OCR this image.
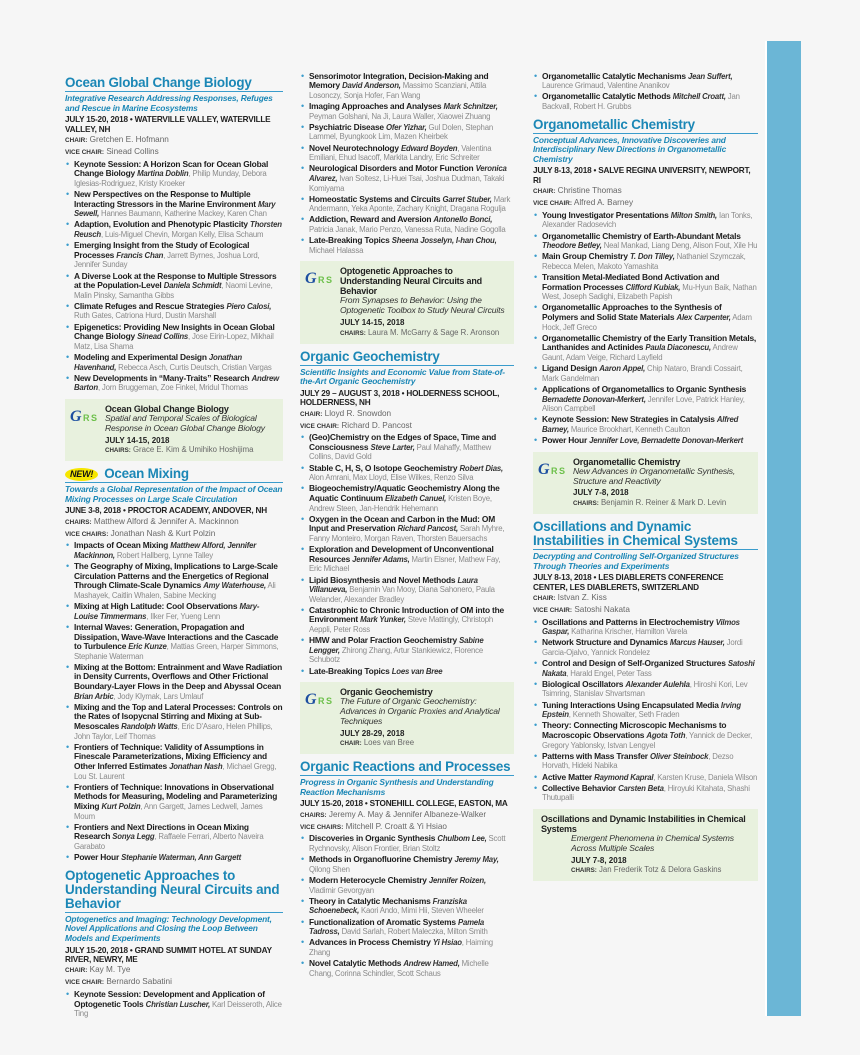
Ocean Global Change Biology
Integrative Research Addressing Responses, Refuges and Rescue in Marine Ecosystems
JULY 15-20, 2018 • WATERVILLE VALLEY, WATERVILLE VALLEY, NH
CHAIR: Gretchen E. Hofmann
VICE CHAIR: Sinead Collins
• Keynote Session: A Horizon Scan for Ocean Global Change Biology Martina Doblin, Philip Munday, Debora Iglesias-Rodriguez, Kristy Kroeker
• New Perspectives on the Response to Multiple Interacting Stressors in the Marine Environment Mary Sewell, Hannes Baumann, Katherine Mackey, Karen Chan
• Adaption, Evolution and Phenotypic Plasticity Thorsten Reusch, Luis-Miguel Chevin, Morgan Kelly, Elisa Schaum
• Emerging Insight from the Study of Ecological Processes Francis Chan, Jarrett Byrnes, Joshua Lord, Jennifer Sunday
• A Diverse Look at the Response to Multiple Stressors at the Population-Level Daniela Schmidt, Naomi Levine, Malin Pinsky, Samantha Gibbs
• Climate Refuges and Rescue Strategies Piero Calosi, Ruth Gates, Catriona Hurd, Dustin Marshall
• Epigenetics: Providing New Insights in Ocean Global Change Biology Sinead Collins, Jose Eirin-Lopez, Mikhail Matz, Lisa Shama
• Modeling and Experimental Design Jonathan Havenhand, Rebecca Asch, Curtis Deutsch, Cristian Vargas
• New Developments in “Many-Traits” Research Andrew Barton, Jorn Bruggeman, Zoe Finkel, Mridul Thomas
G R S
Ocean Global Change Biology
Spatial and Temporal Scales of Biological Response in Ocean Global Change Biology
JULY 14-15, 2018
CHAIRS: Grace E. Kim & Umihiko Hoshijima
NEW! Ocean Mixing
Towards a Global Representation of the Impact of Ocean Mixing Processes on Large Scale Circulation
JUNE 3-8, 2018 • PROCTOR ACADEMY, ANDOVER, NH
CHAIRS: Matthew Alford & Jennifer A. Mackinnon
VICE CHAIRS: Jonathan Nash & Kurt Polzin
• Impacts of Ocean Mixing Matthew Alford, Jennifer Mackinnon, Robert Hallberg, Lynne Talley
• The Geography of Mixing, Implications to Large-Scale Circulation Patterns and the Energetics of Regional Through Climate-Scale Dynamics Amy Waterhouse, Ali Mashayek, Caitlin Whalen, Sabine Mecking
• Mixing at High Latitude: Cool Observations Mary-Louise Timmermans, Ilker Fer, Yueng Lenn
• Internal Waves: Generation, Propagation and Dissipation, Wave-Wave Interactions and the Cascade to Turbulence Eric Kunze, Mattias Green, Harper Simmons, Stephanie Waterman
• Mixing at the Bottom: Entrainment and Wave Radiation in Density Currents, Overflows and Other Frictional Boundary-Layer Flows in the Deep and Abyssal Ocean Brian Arbic, Jody Klymak, Lars Umlauf
• Mixing and the Top and Lateral Processes: Controls on the Rates of Isopycnal Stirring and Mixing at Sub-Mesoscales Randolph Watts, Eric D'Asaro, Helen Phillips, John Taylor, Leif Thomas
• Frontiers of Technique: Validity of Assumptions in Finescale Parameterizations, Mixing Efficiency and Other Inferred Estimates Jonathan Nash, Michael Gregg, Lou St. Laurent
• Frontiers of Technique: Innovations in Observational Methods for Measuring, Modeling and Parameterizing Mixing Kurt Polzin, Ann Gargett, James Ledwell, James Moum
• Frontiers and Next Directions in Ocean Mixing Research Sonya Legg, Raffaele Ferrari, Alberto Naveira Garabato
• Power Hour Stephanie Waterman, Ann Gargett
Optogenetic Approaches to Understanding Neural Circuits and Behavior
Optogenetics and Imaging: Technology Development, Novel Applications and Closing the Loop Between Models and Experiments
JULY 15-20, 2018 • GRAND SUMMIT HOTEL AT SUNDAY RIVER, NEWRY, ME
CHAIR: Kay M. Tye
VICE CHAIR: Bernardo Sabatini
• Keynote Session: Development and Application of Optogenetic Tools Christian Luscher, Karl Deisseroth, Alice Ting
• Sensorimotor Integration, Decision-Making and Memory David Anderson, Massimo Scanziani, Attila Losonczy, Sonja Hofer, Fan Wang
• Imaging Approaches and Analyses Mark Schnitzer, Peyman Golshani, Na Ji, Laura Waller, Xiaowei Zhuang
• Psychiatric Disease Ofer Yizhar, Gul Dolen, Stephan Lammel, Byungkook Lim, Mazen Kheirbek
• Novel Neurotechnology Edward Boyden, Valentina Emiliani, Ehud Isacoff, Markita Landry, Eric Schreiter
• Neurological Disorders and Motor Function Veronica Alvarez, Ivan Soltesz, Li-Huei Tsai, Joshua Dudman, Takaki Komiyama
• Homeostatic Systems and Circuits Garret Stuber, Mark Andermann, Yeka Aponte, Zachary Knight, Dragana Rogulja
• Addiction, Reward and Aversion Antonello Bonci, Patricia Janak, Mario Penzo, Vanessa Ruta, Nadine Gogolla
• Late-Breaking Topics Sheena Josselyn, I-han Chou, Michael Halassa
G R S
Optogenetic Approaches to Understanding Neural Circuits and Behavior
From Synapses to Behavior: Using the Optogenetic Toolbox to Study Neural Circuits
JULY 14-15, 2018
CHAIRS: Laura M. McGarry & Sage R. Aronson
Organic Geochemistry
Scientific Insights and Economic Value from State-of-the-Art Organic Geochemistry
JULY 29 – AUGUST 3, 2018 • HOLDERNESS SCHOOL, HOLDERNESS, NH
CHAIR: Lloyd R. Snowdon
VICE CHAIR: Richard D. Pancost
• (Geo)Chemistry on the Edges of Space, Time and Consciousness Steve Larter, Paul Mahaffy, Matthew Collins, David Gold
• Stable C, H, S, O Isotope Geochemistry Robert Dias, Alon Amrani, Max Lloyd, Elise Wilkes, Renzo Silva
• Biogeochemistry/Aquatic Geochemistry Along the Aquatic Continuum Elizabeth Canuel, Kristen Boye, Andrew Steen, Jan-Hendrik Hehemann
• Oxygen in the Ocean and Carbon in the Mud: OM Input and Preservation Richard Pancost, Sarah Myhre, Fanny Monteiro, Morgan Raven, Thorsten Bauersachs
• Exploration and Development of Unconventional Resources Jennifer Adams, Martin Elsner, Mathew Fay, Eric Michael
• Lipid Biosynthesis and Novel Methods Laura Villanueva, Benjamin Van Mooy, Diana Sahonero, Paula Welander, Alexander Bradley
• Catastrophic to Chronic Introduction of OM into the Environment Mark Yunker, Steve Mattingly, Christoph Aeppli, Peter Ross
• HMW and Polar Fraction Geochemistry Sabine Lengger, Zhirong Zhang, Artur Stankiewicz, Florence Schubotz
• Late-Breaking Topics Loes van Bree
G R S
Organic Geochemistry
The Future of Organic Geochemistry: Advances in Organic Proxies and Analytical Techniques
JULY 28-29, 2018
CHAIR: Loes van Bree
Organic Reactions and Processes
Progress in Organic Synthesis and Understanding Reaction Mechanisms
JULY 15-20, 2018 • STONEHILL COLLEGE, EASTON, MA
CHAIRS: Jeremy A. May & Jennifer Albaneze-Walker
VICE CHAIRS: Mitchell P. Croatt & Yi Hsiao
• Discoveries in Organic Synthesis Chulbom Lee, Scott Rychnovsky, Alison Frontier, Brian Stoltz
• Methods in Organofluorine Chemistry Jeremy May, Qilong Shen
• Modern Heterocycle Chemistry Jennifer Roizen, Vladimir Gevorgyan
• Theory in Catalytic Mechanisms Franziska Schoenebeck, Kaori Ando, Mimi Hii, Steven Wheeler
• Functionalization of Aromatic Systems Pamela Tadross, David Sarlah, Robert Maleczka, Milton Smith
• Advances in Process Chemistry Yi Hsiao, Haiming Zhang
• Novel Catalytic Methods Andrew Hamed, Michelle Chang, Corinna Schindler, Scott Schaus
• Organometallic Catalytic Mechanisms Jean Suffert, Laurence Grimaud, Valentine Ananikov
• Organometallic Catalytic Methods Mitchell Croatt, Jan Backvall, Robert H. Grubbs
Organometallic Chemistry
Conceptual Advances, Innovative Discoveries and Interdisciplinary New Directions in Organometallic Chemistry
JULY 8-13, 2018 • SALVE REGINA UNIVERSITY, NEWPORT, RI
CHAIR: Christine Thomas
VICE CHAIR: Alfred A. Barney
• Young Investigator Presentations Milton Smith, Ian Tonks, Alexander Radosevich
• Organometallic Chemistry of Earth-Abundant Metals Theodore Betley, Neal Mankad, Liang Deng, Alison Fout, Xile Hu
• Main Group Chemistry T. Don Tilley, Nathaniel Szymczak, Rebecca Melen, Makoto Yamashita
• Transition Metal-Mediated Bond Activation and Formation Processes Clifford Kubiak, Mu-Hyun Baik, Nathan West, Joseph Sadighi, Elizabeth Papish
• Organometallic Approaches to the Synthesis of Polymers and Solid State Materials Alex Carpenter, Adam Hock, Jeff Greco
• Organometallic Chemistry of the Early Transition Metals, Lanthanides and Actinides Paula Diaconescu, Andrew Gaunt, Adam Veige, Richard Layfield
• Ligand Design Aaron Appel, Chip Nataro, Brandi Cossairt, Mark Gandelman
• Applications of Organometallics to Organic Synthesis Bernadette Donovan-Merkert, Jennifer Love, Patrick Hanley, Alison Campbell
• Keynote Session: New Strategies in Catalysis Alfred Barney, Maurice Brookhart, Kenneth Caulton
• Power Hour Jennifer Love, Bernadette Donovan-Merkert
G R S
Organometallic Chemistry
New Advances in Organometallic Synthesis, Structure and Reactivity
JULY 7-8, 2018
CHAIRS: Benjamin R. Reiner & Mark D. Levin
Oscillations and Dynamic Instabilities in Chemical Systems
Decrypting and Controlling Self-Organized Structures Through Theories and Experiments
JULY 8-13, 2018 • LES DIABLERETS CONFERENCE CENTER, LES DIABLERETS, SWITZERLAND
CHAIR: Istvan Z. Kiss
VICE CHAIR: Satoshi Nakata
• Oscillations and Patterns in Electrochemistry Vilmos Gaspar, Katharina Krischer, Hamilton Varela
• Network Structure and Dynamics Marcus Hauser, Jordi Garcia-Ojalvo, Yannick Rondelez
• Control and Design of Self-Organized Structures Satoshi Nakata, Harald Engel, Peter Tass
• Biological Oscillators Alexander Aulehla, Hiroshi Kori, Lev Tsimring, Stanislav Shvartsman
• Tuning Interactions Using Encapsulated Media Irving Epstein, Kenneth Showalter, Seth Fraden
• Theory: Connecting Microscopic Mechanisms to Macroscopic Observations Agota Toth, Yannick de Decker, Gregory Yablonsky, Istvan Lengyel
• Patterns with Mass Transfer Oliver Steinbock, Dezso Horvath, Hideki Nabika
• Active Matter Raymond Kapral, Karsten Kruse, Daniela Wilson
• Collective Behavior Carsten Beta, Hiroyuki Kitahata, Shashi Thutupalli
Oscillations and Dynamic Instabilities in Chemical Systems
Emergent Phenomena in Chemical Systems Across Multiple Scales
JULY 7-8, 2018
CHAIRS: Jan Frederik Totz & Delora Gaskins
